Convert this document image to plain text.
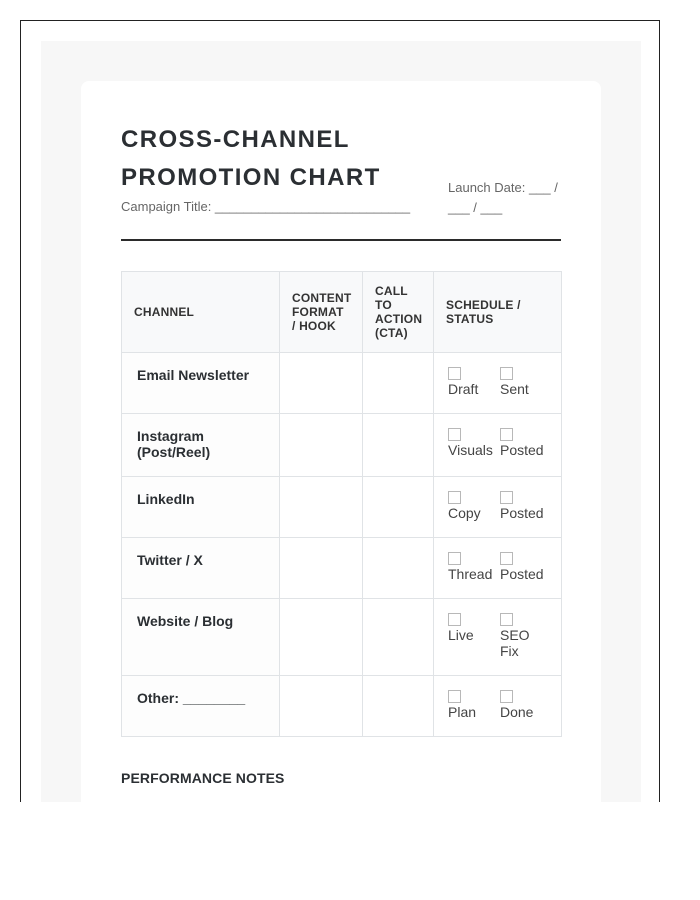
CROSS-CHANNEL
PROMOTION CHART
Campaign Title: ___________________________
Launch Date: ___ / ___ / ___
CHANNEL	CONTENT FORMAT / HOOK	CALL TO ACTION (CTA)	SCHEDULE / STATUS
Email Newsletter			Draft Sent
Instagram (Post/Reel)			Visuals Posted
LinkedIn			Copy Posted
Twitter / X			Thread Posted
Website / Blog			Live SEO Fix
Other: ________			Plan Done
PERFORMANCE NOTES
